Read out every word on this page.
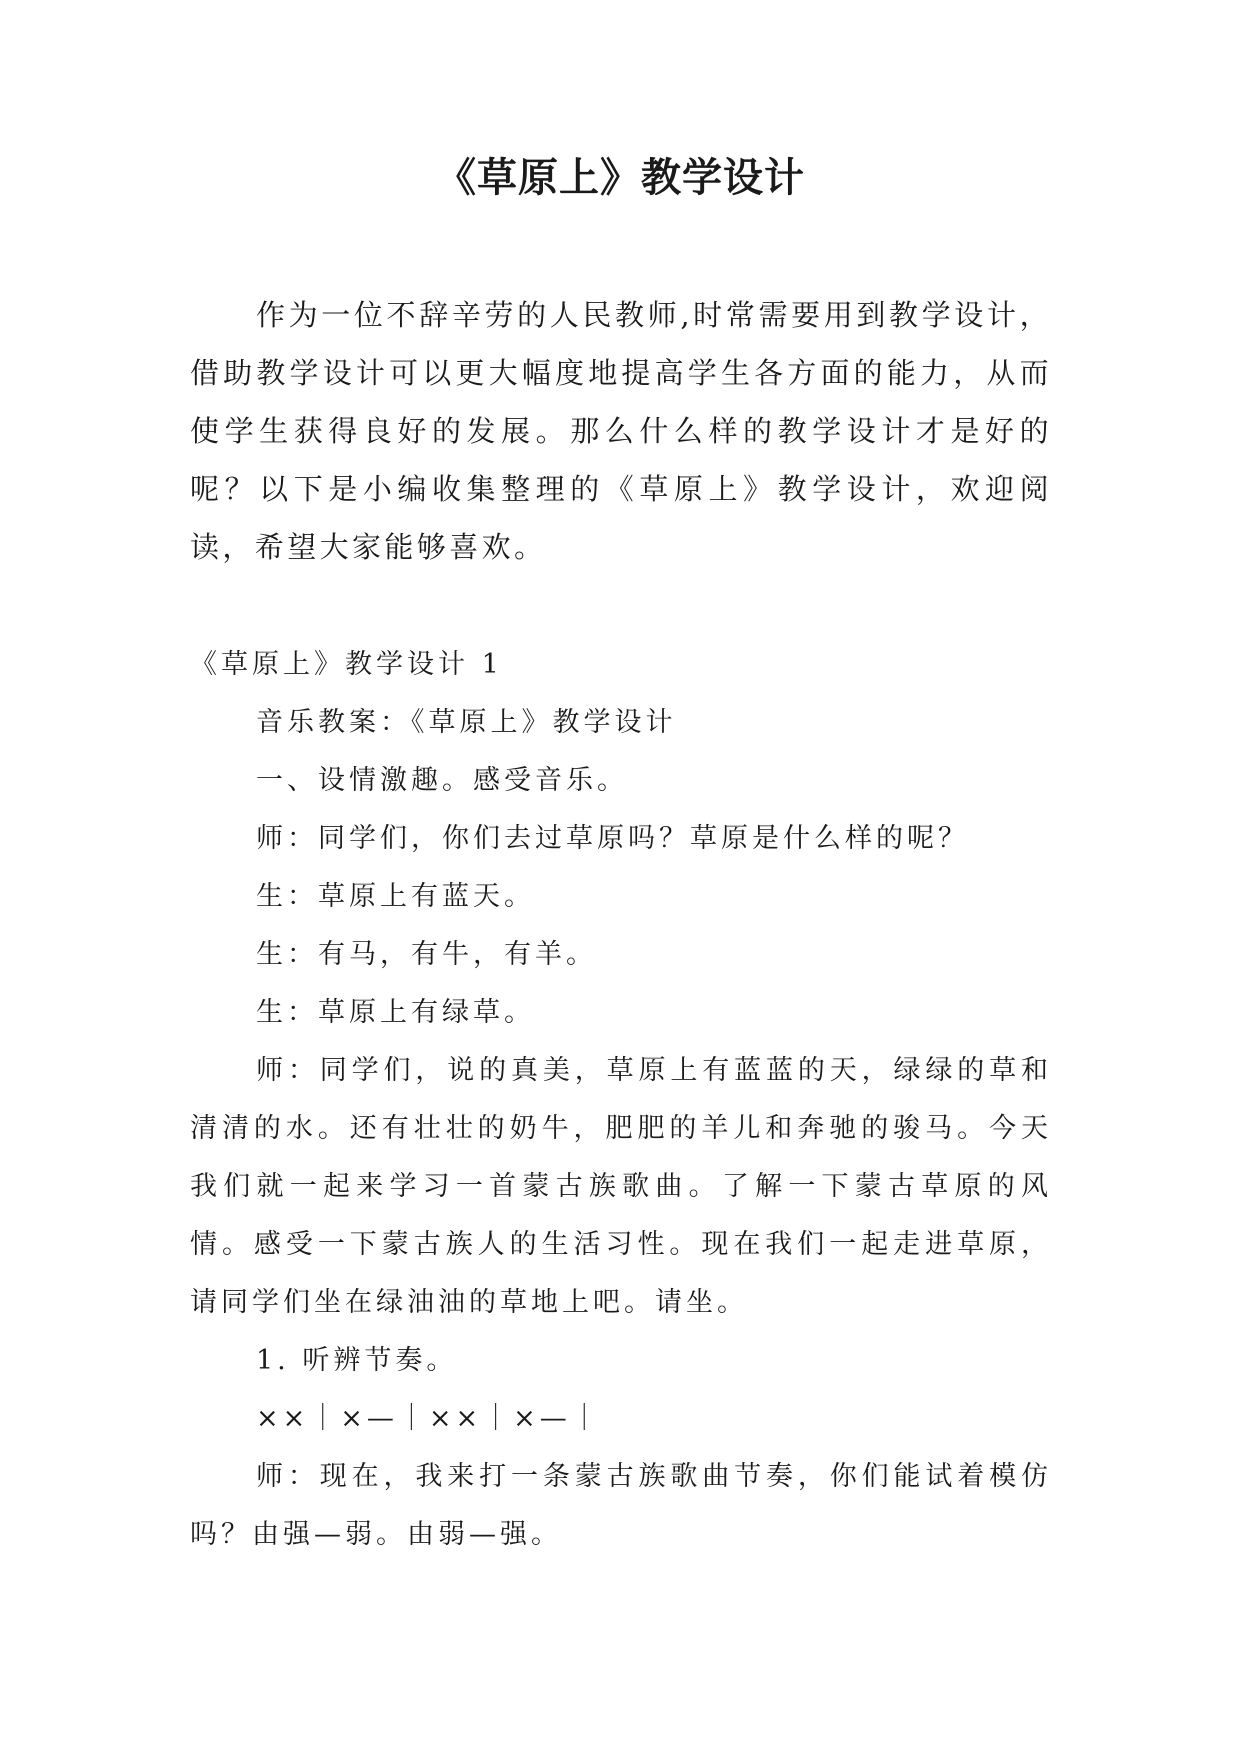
《草原上》教学设计

作为一位不辞辛劳的人民教师,时常需要用到教学设计，借助教学设计可以更大幅度地提高学生各方面的能力，从而使学生获得良好的发展。那么什么样的教学设计才是好的呢？以下是小编收集整理的《草原上》教学设计，欢迎阅读，希望大家能够喜欢。

《草原上》教学设计 1

音乐教案：《草原上》教学设计

一、设情激趣。感受音乐。

师：同学们，你们去过草原吗？草原是什么样的呢？

生：草原上有蓝天。

生：有马，有牛，有羊。

生：草原上有绿草。

师：同学们，说的真美，草原上有蓝蓝的天，绿绿的草和清清的水。还有壮壮的奶牛，肥肥的羊儿和奔驰的骏马。今天我们就一起来学习一首蒙古族歌曲。了解一下蒙古草原的风情。感受一下蒙古族人的生活习性。现在我们一起走进草原，请同学们坐在绿油油的草地上吧。请坐。

1. 听辨节奏。

××｜×—｜××｜×—｜

师：现在，我来打一条蒙古族歌曲节奏，你们能试着模仿吗？由强—弱。由弱—强。
